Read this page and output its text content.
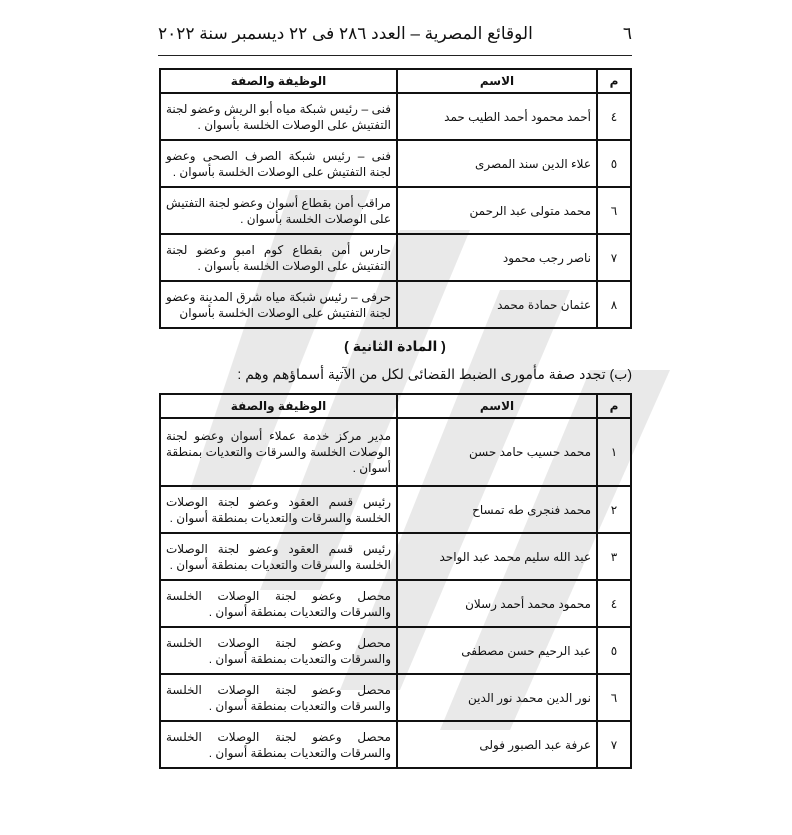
٦
الوقائع المصرية – العدد ٢٨٦ فى ٢٢ ديسمبر سنة ٢٠٢٢
م	الاسم	الوظيفة والصفة
٤	أحمد محمود أحمد الطيب حمد	فنى – رئيس شبكة مياه أبو الريش وعضو لجنة التفتيش على الوصلات الخلسة بأسوان .
٥	علاء الدين سند المصرى	فنى – رئيس شبكة الصرف الصحى وعضو لجنة التفتيش على الوصلات الخلسة بأسوان .
٦	محمد متولى عبد الرحمن	مراقب أمن بقطاع أسوان وعضو لجنة التفتيش على الوصلات الخلسة بأسوان .
٧	ناصر رجب محمود	حارس أمن بقطاع كوم امبو وعضو لجنة التفتيش على الوصلات الخلسة بأسوان .
٨	عثمان حمادة محمد	حرفى – رئيس شبكة مياه شرق المدينة وعضو لجنة التفتيش على الوصلات الخلسة بأسوان
( المادة الثانية )
(ب) تجدد صفة مأمورى الضبط القضائى لكل من الآتية أسماؤهم وهم :
م	الاسم	الوظيفة والصفة
١	محمد حسيب حامد حسن	مدير مركز خدمة عملاء أسوان وعضو لجنة الوصلات الخلسة والسرقات والتعديات بمنطقة أسوان .
٢	محمد فنجرى طه تمساح	رئيس قسم العقود وعضو لجنة الوصلات الخلسة والسرقات والتعديات بمنطقة أسوان .
٣	عبد الله سليم محمد عبد الواحد	رئيس قسم العقود وعضو لجنة الوصلات الخلسة والسرقات والتعديات بمنطقة أسوان .
٤	محمود محمد أحمد رسلان	محصل وعضو لجنة الوصلات الخلسة والسرقات والتعديات بمنطقة أسوان .
٥	عبد الرحيم حسن مصطفى	محصل وعضو لجنة الوصلات الخلسة والسرقات والتعديات بمنطقة أسوان .
٦	نور الدين محمد نور الدين	محصل وعضو لجنة الوصلات الخلسة والسرقات والتعديات بمنطقة أسوان .
٧	عرفة عبد الصبور فولى	محصل وعضو لجنة الوصلات الخلسة والسرقات والتعديات بمنطقة أسوان .
